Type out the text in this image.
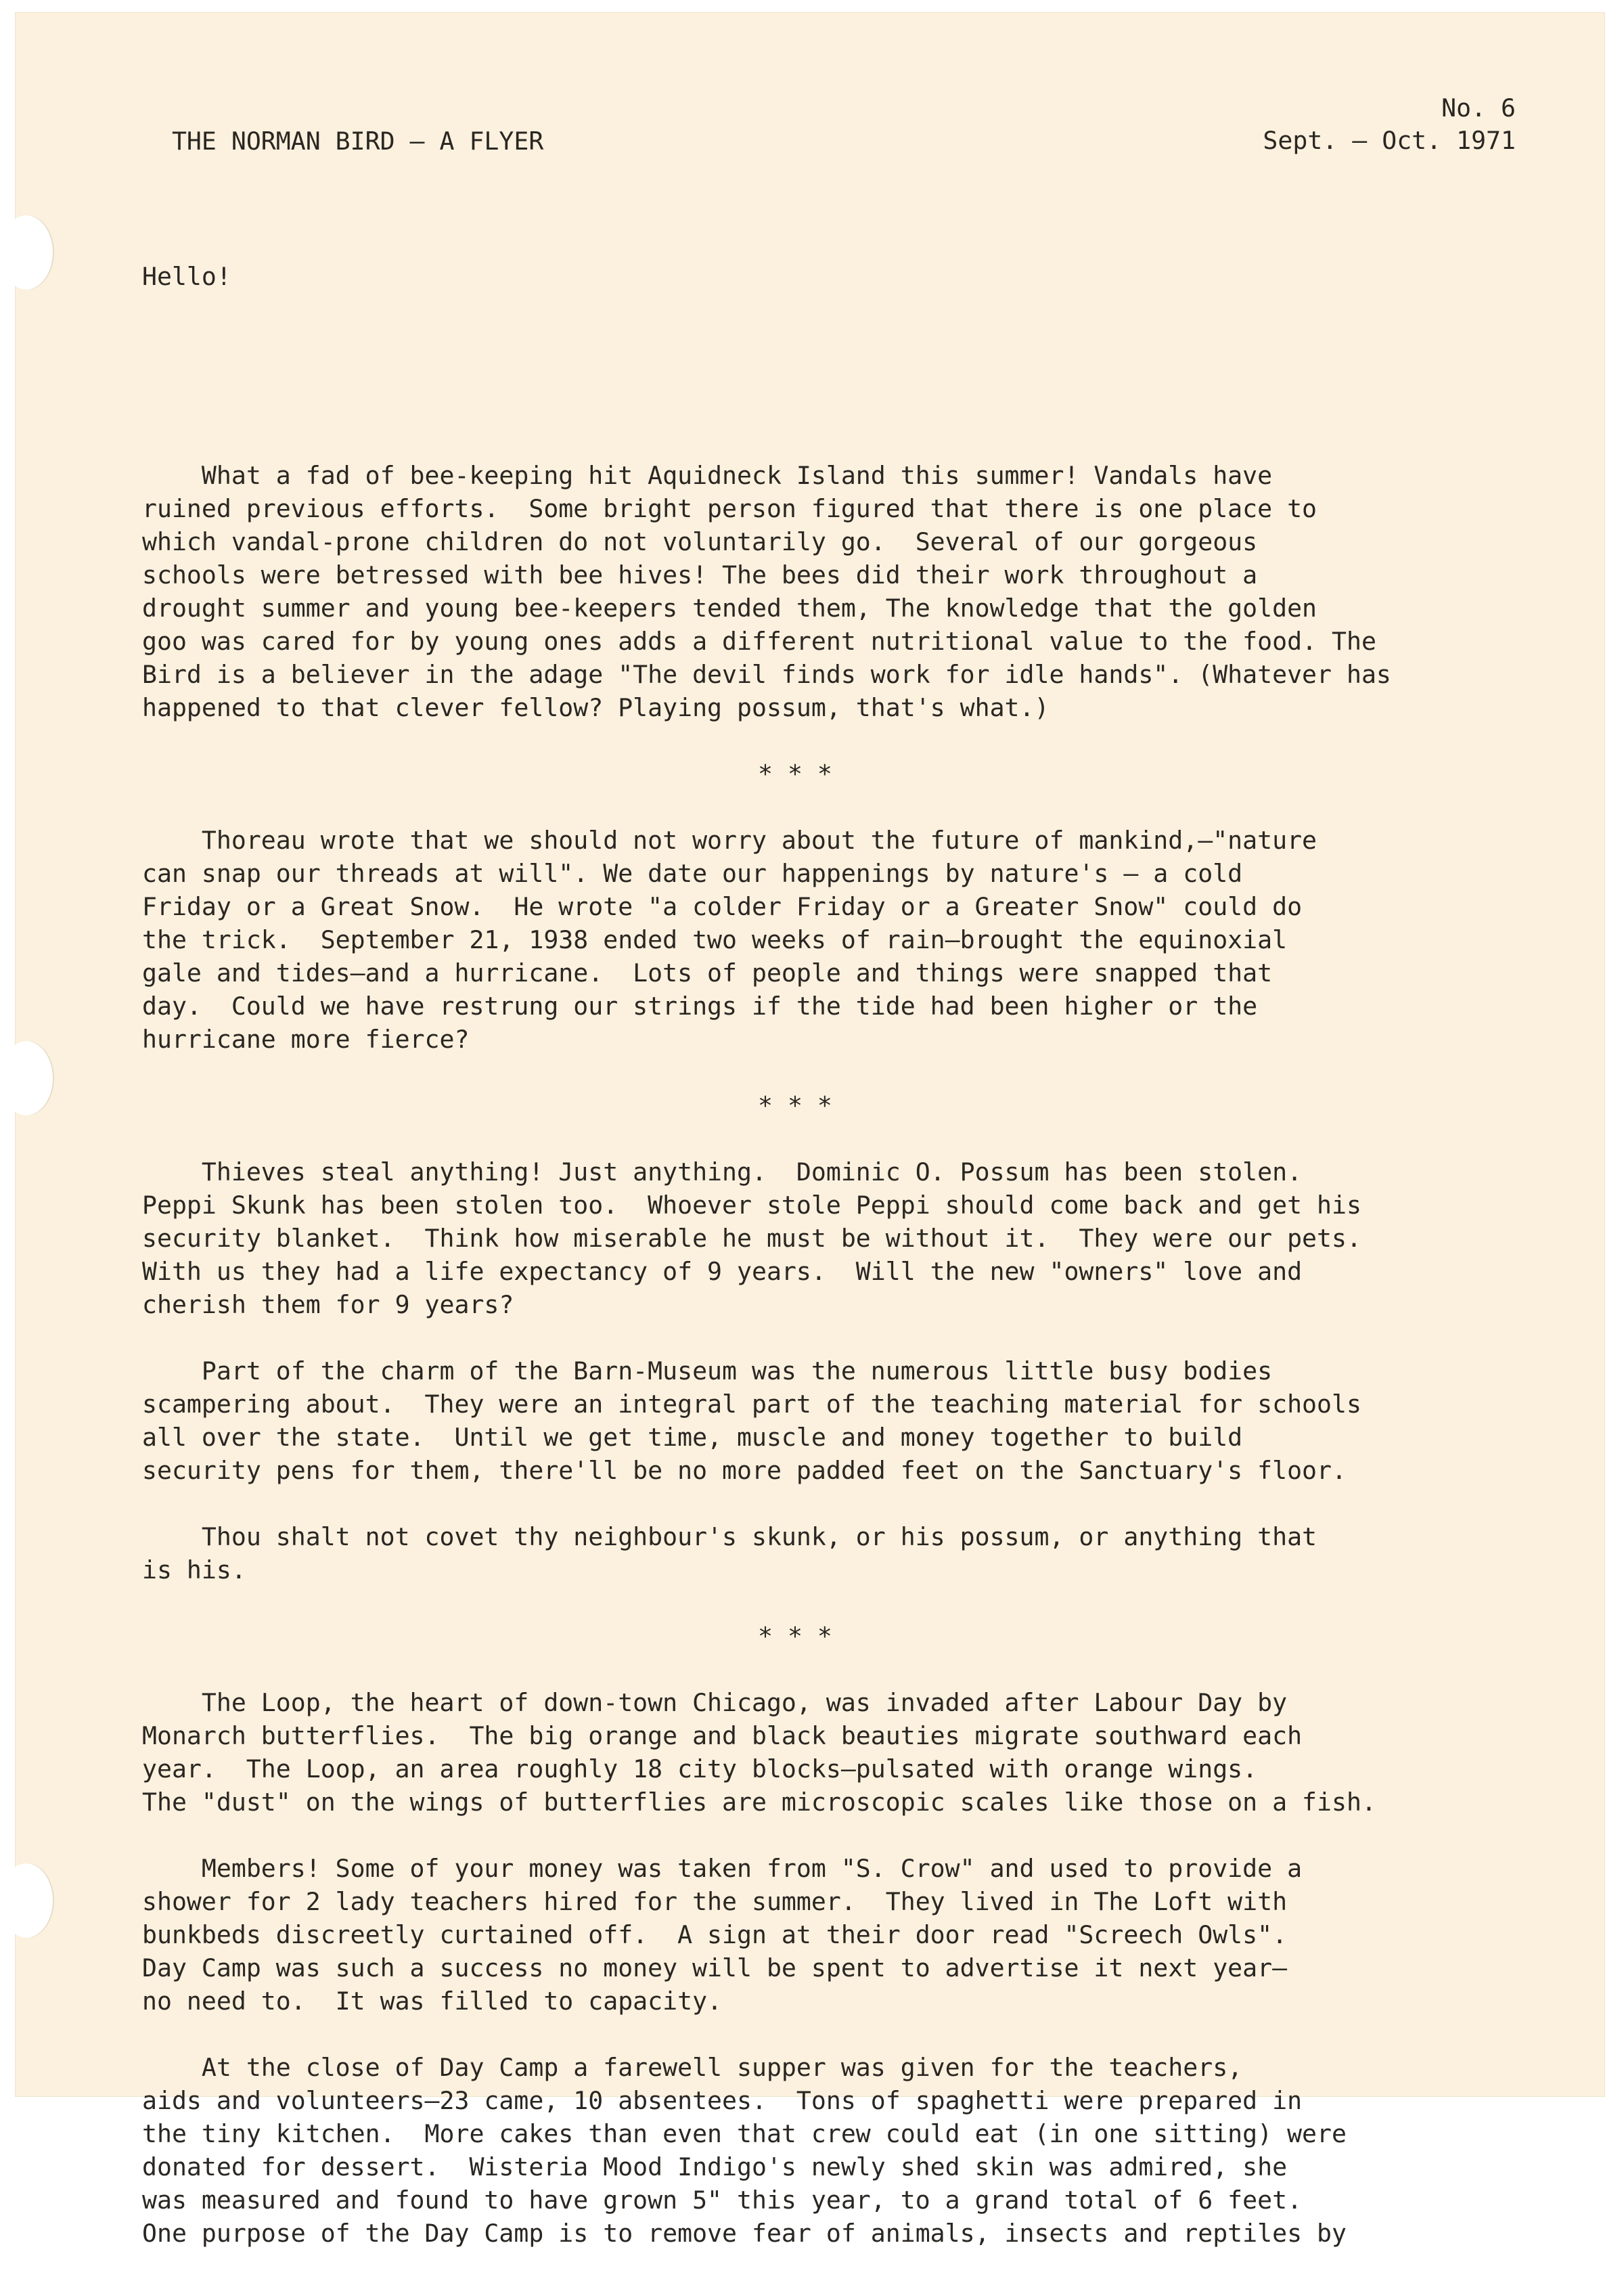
THE NORMAN BIRD — A FLYER

No. 6

Sept. — Oct. 1971

Hello!

What a fad of bee-keeping hit Aquidneck Island this summer! Vandals have
ruined previous efforts.  Some bright person figured that there is one place to
which vandal-prone children do not voluntarily go.  Several of our gorgeous
schools were betressed with bee hives! The bees did their work throughout a
drought summer and young bee-keepers tended them, The knowledge that the golden
goo was cared for by young ones adds a different nutritional value to the food. The
Bird is a believer in the adage "The devil finds work for idle hands". (Whatever has
happened to that clever fellow? Playing possum, that's what.)
* * *
Thoreau wrote that we should not worry about the future of mankind,—"nature
can snap our threads at will". We date our happenings by nature's — a cold
Friday or a Great Snow.  He wrote "a colder Friday or a Greater Snow" could do
the trick.  September 21, 1938 ended two weeks of rain—brought the equinoxial
gale and tides—and a hurricane.  Lots of people and things were snapped that
day.  Could we have restrung our strings if the tide had been higher or the
hurricane more fierce?
* * *
Thieves steal anything! Just anything.  Dominic O. Possum has been stolen.
Peppi Skunk has been stolen too.  Whoever stole Peppi should come back and get his
security blanket.  Think how miserable he must be without it.  They were our pets.
With us they had a life expectancy of 9 years.  Will the new "owners" love and
cherish them for 9 years?
Part of the charm of the Barn-Museum was the numerous little busy bodies
scampering about.  They were an integral part of the teaching material for schools
all over the state.  Until we get time, muscle and money together to build
security pens for them, there'll be no more padded feet on the Sanctuary's floor.
Thou shalt not covet thy neighbour's skunk, or his possum, or anything that
is his.
* * *
The Loop, the heart of down-town Chicago, was invaded after Labour Day by
Monarch butterflies.  The big orange and black beauties migrate southward each
year.  The Loop, an area roughly 18 city blocks—pulsated with orange wings.
The "dust" on the wings of butterflies are microscopic scales like those on a fish.
Members! Some of your money was taken from "S. Crow" and used to provide a
shower for 2 lady teachers hired for the summer.  They lived in The Loft with
bunkbeds discreetly curtained off.  A sign at their door read "Screech Owls".
Day Camp was such a success no money will be spent to advertise it next year—
no need to.  It was filled to capacity.
At the close of Day Camp a farewell supper was given for the teachers,
aids and volunteers—23 came, 10 absentees.  Tons of spaghetti were prepared in
the tiny kitchen.  More cakes than even that crew could eat (in one sitting) were
donated for dessert.  Wisteria Mood Indigo's newly shed skin was admired, she
was measured and found to have grown 5" this year, to a grand total of 6 feet.
One purpose of the Day Camp is to remove fear of animals, insects and reptiles by
